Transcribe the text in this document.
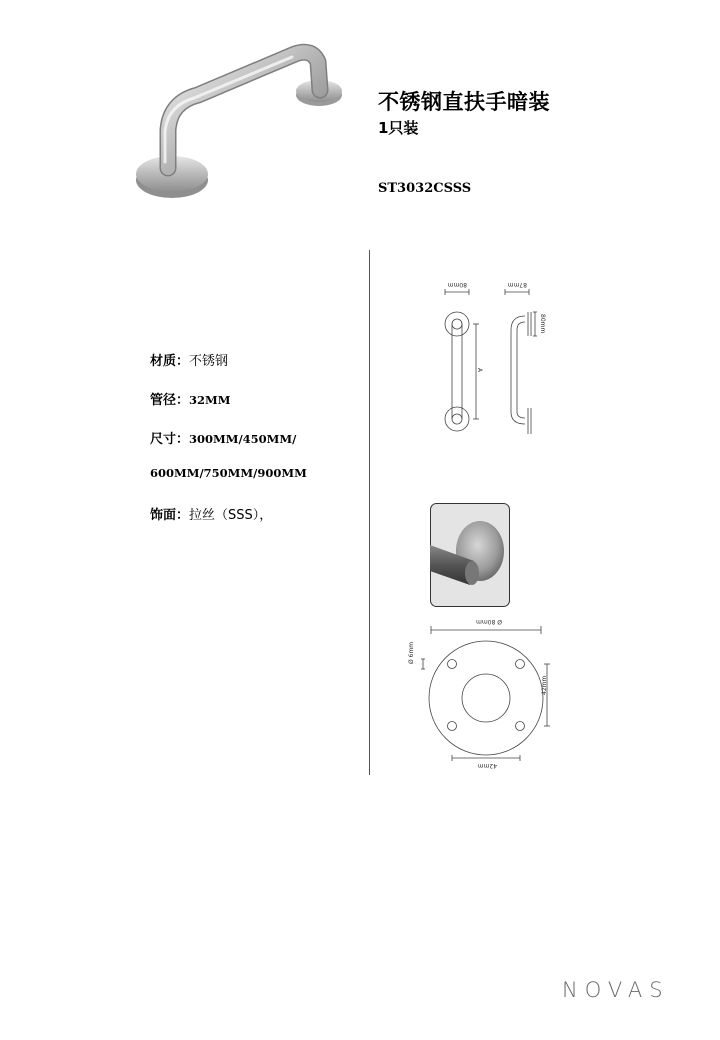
不锈钢直扶手暗装
1只装
ST3032CSSS
材质：不锈钢
管径：32MM
尺寸：300MM/450MM/
600MM/750MM/900MM
饰面：拉丝（SSS），
80mm	87mm
80mm
A
Ø 80mm
Ø 6mm
42mm
42mm
NOVAS
